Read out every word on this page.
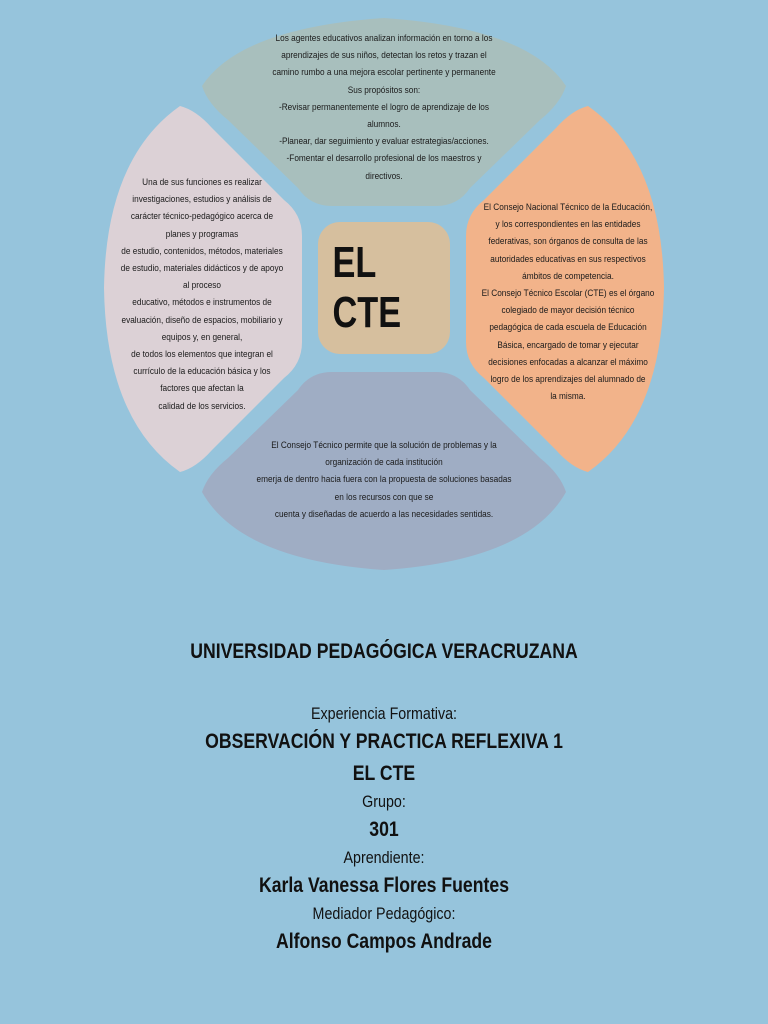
Los agentes educativos analizan información en torno a los
aprendizajes de sus niños, detectan los retos y trazan el
camino rumbo a una mejora escolar pertinente y permanente
Sus propósitos son:
-Revisar permanentemente el logro de aprendizaje de los
alumnos.
-Planear, dar seguimiento y evaluar estrategias/acciones.
-Fomentar el desarrollo profesional de los maestros y
directivos.
Una de sus funciones es realizar
investigaciones, estudios y análisis de
carácter técnico-pedagógico acerca de
planes y programas
de estudio, contenidos, métodos, materiales
de estudio, materiales didácticos y de apoyo
al proceso
educativo, métodos e instrumentos de
evaluación, diseño de espacios, mobiliario y
equipos y, en general,
de todos los elementos que integran el
currículo de la educación básica y los
factores que afectan la
calidad de los servicios.
El Consejo Nacional Técnico de la Educación,
y los correspondientes en las entidades
federativas, son órganos de consulta de las
autoridades educativas en sus respectivos
ámbitos de competencia.
El Consejo Técnico Escolar (CTE) es el órgano
colegiado de mayor decisión técnico
pedagógica de cada escuela de Educación
Básica, encargado de tomar y ejecutar
decisiones enfocadas a alcanzar el máximo
logro de los aprendizajes del alumnado de
la misma.
El Consejo Técnico permite que la solución de problemas y la
organización de cada institución
emerja de dentro hacia fuera con la propuesta de soluciones basadas
en los recursos con que se
cuenta y diseñadas de acuerdo a las necesidades sentidas.
EL CTE
UNIVERSIDAD PEDAGÓGICA VERACRUZANA
Experiencia Formativa:
OBSERVACIÓN Y PRACTICA REFLEXIVA 1
EL CTE
Grupo:
301
Aprendiente:
Karla Vanessa Flores Fuentes
Mediador Pedagógico:
Alfonso Campos Andrade
